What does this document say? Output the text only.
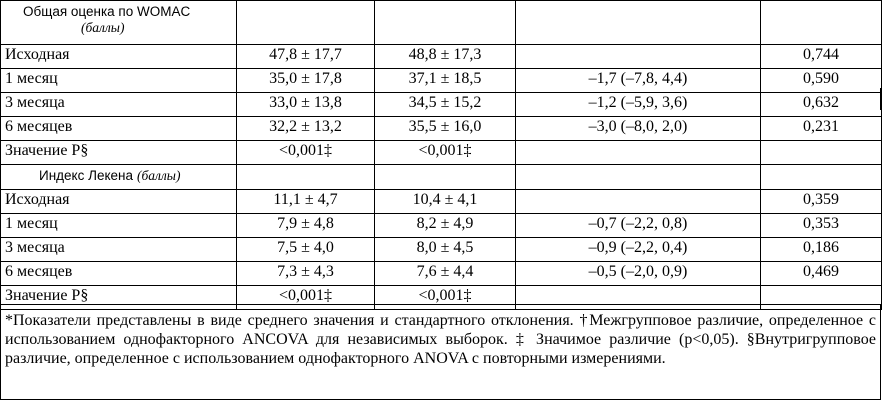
Общая оценка по WOMAC
(баллы)				

Исходная	47,8 ± 17,7	48,8 ± 17,3		0,744
1 месяц	35,0 ± 17,8	37,1 ± 18,5	–1,7 (–7,8, 4,4)	0,590
3 месяца	33,0 ± 13,8	34,5 ± 15,2	–1,2 (–5,9, 3,6)	0,632
6 месяцев	32,2 ± 13,2	35,5 ± 16,0	–3,0 (–8,0, 2,0)	0,231
Значение P§	<0,001‡	<0,001‡		
Индекс Лекена (баллы)				
Исходная	11,1 ± 4,7	10,4 ± 4,1		0,359
1 месяц	7,9 ± 4,8	8,2 ± 4,9	–0,7 (–2,2, 0,8)	0,353
3 месяца	7,5 ± 4,0	8,0 ± 4,5	–0,9 (–2,2, 0,4)	0,186
6 месяцев	7,3 ± 4,3	7,6 ± 4,4	–0,5 (–2,0, 0,9)	0,469
Значение P§	<0,001‡	<0,001‡		
*Показатели представлены в виде среднего значения и стандартного отклонения. †Межгрупповое различие, определенное с использованием однофакторного ANCOVA для независимых выборок. ‡ Значимое различие (p<0,05). §Внутригрупповое различие, определенное с использованием однофакторного ANOVA с повторными измерениями.
